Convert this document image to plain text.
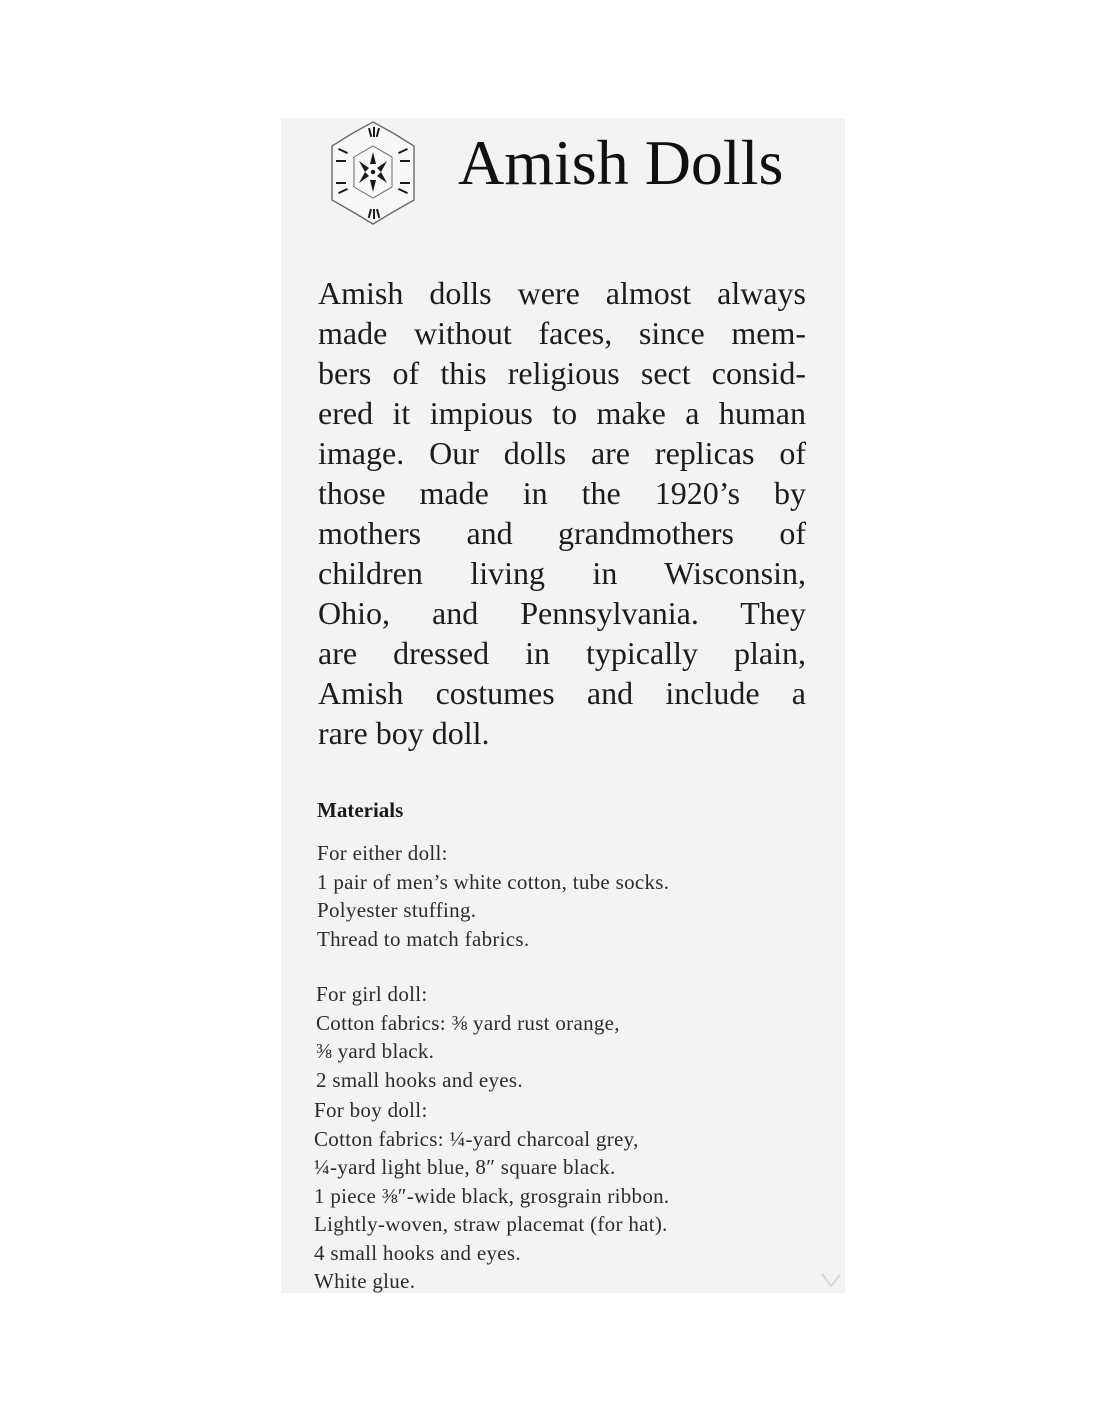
Amish Dolls
Amish dolls were almost always
made without faces, since mem-
bers of this religious sect consid-
ered it impious to make a human
image. Our dolls are replicas of
those made in the 1920’s by
mothers and grandmothers of
children living in Wisconsin,
Ohio, and Pennsylvania. They
are dressed in typically plain,
Amish costumes and include a
rare boy doll.
Materials
For either doll:
1 pair of men’s white cotton, tube socks.
Polyester stuffing.
Thread to match fabrics.
For girl doll:
Cotton fabrics: ⅜ yard rust orange,
⅜ yard black.
2 small hooks and eyes.
For boy doll:
Cotton fabrics: ¼-yard charcoal grey,
¼-yard light blue, 8″ square black.
1 piece ⅜″-wide black, grosgrain ribbon.
Lightly-woven, straw placemat (for hat).
4 small hooks and eyes.
White glue.
